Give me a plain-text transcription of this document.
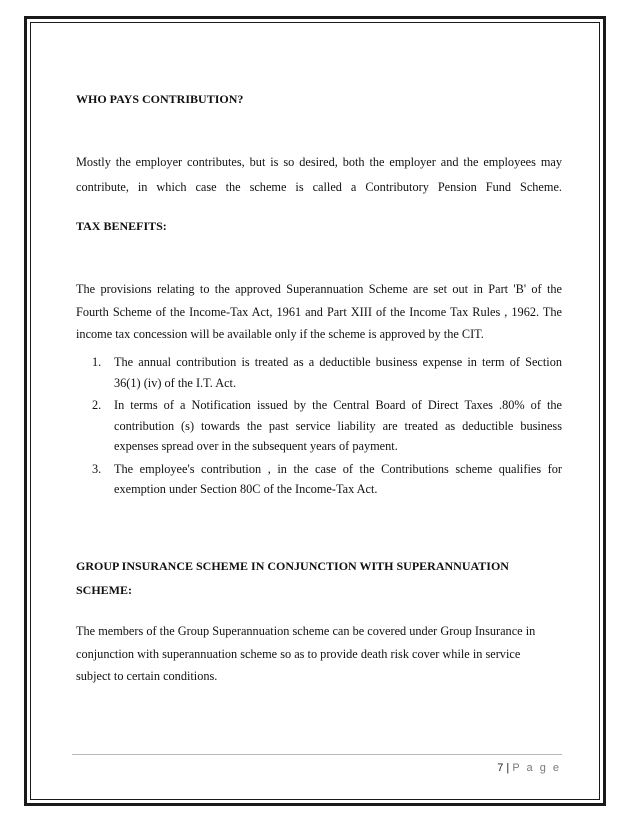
WHO PAYS CONTRIBUTION?

Mostly the employer contributes, but is so desired, both the employer and the employees may contribute, in which case the scheme is called a Contributory Pension Fund Scheme.

TAX BENEFITS:

The provisions relating to the approved Superannuation Scheme are set out in Part 'B' of the Fourth Scheme of the Income-Tax Act, 1961 and Part XIII of the Income Tax Rules , 1962. The income tax concession will be available only if the scheme is approved by the CIT.

1. The annual contribution is treated as a deductible business expense in term of Section 36(1) (iv) of the I.T. Act.
2. In terms of a Notification issued by the Central Board of Direct Taxes .80% of the contribution (s) towards the past service liability are treated as deductible business expenses spread over in the subsequent years of payment.
3. The employee's contribution , in the case of the Contributions scheme qualifies for exemption under Section 80C of the Income-Tax Act.

GROUP INSURANCE SCHEME IN CONJUNCTION WITH SUPERANNUATION SCHEME:

The members of the Group Superannuation scheme can be covered under Group Insurance in conjunction with superannuation scheme so as to provide death risk cover while in service subject to certain conditions.

7 | P a g e
